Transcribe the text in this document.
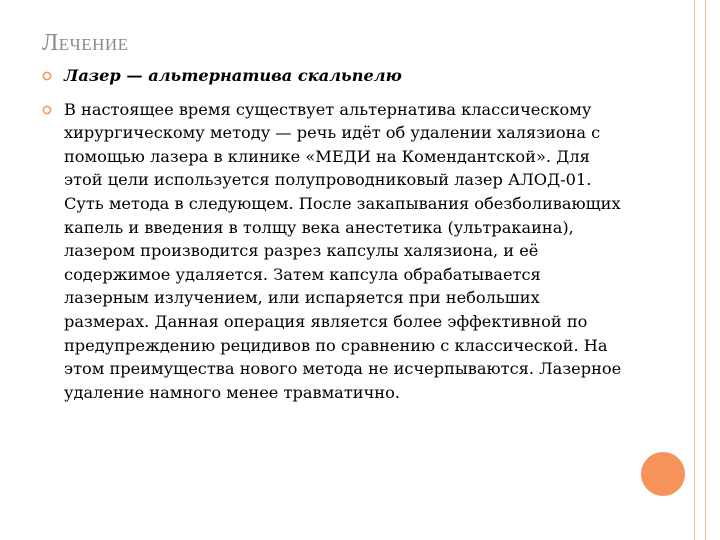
ЛЕЧЕНИЕ
Лазер — альтернатива скальпелю
В настоящее время существует альтернатива классическому хирургическому методу — речь идёт об удалении халязиона с помощью лазера в клинике «МЕДИ на Комендантской». Для этой цели используется полупроводниковый лазер АЛОД-01. Суть метода в следующем. После закапывания обезболивающих капель и введения в толщу века анестетика (ультракаина), лазером производится разрез капсулы халязиона, и её содержимое удаляется. Затем капсула обрабатывается лазерным излучением, или испаряется при небольших размерах. Данная операция является более эффективной по предупреждению рецидивов по сравнению с классической. На этом преимущества нового метода не исчерпываются. Лазерное удаление намного менее травматично.
